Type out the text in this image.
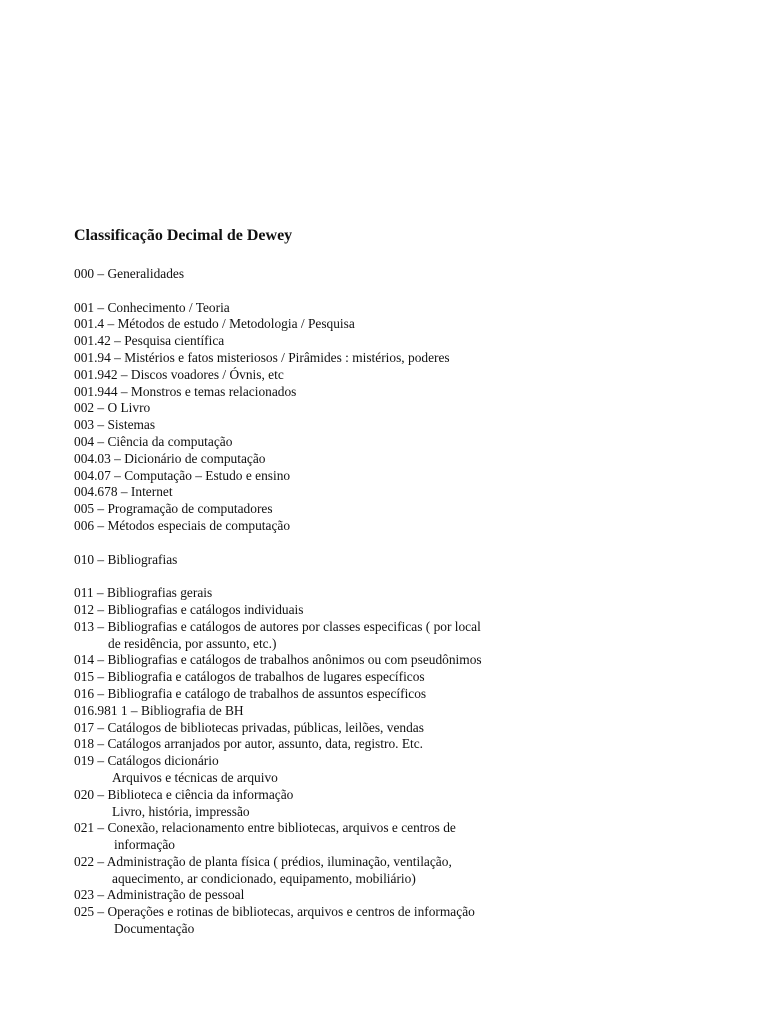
Classificação Decimal de Dewey
000 – Generalidades
001 – Conhecimento / Teoria
001.4 – Métodos de estudo / Metodologia / Pesquisa
001.42 – Pesquisa científica
001.94 – Mistérios e fatos misteriosos / Pirâmides : mistérios, poderes
001.942 – Discos voadores / Óvnis, etc
001.944 – Monstros e temas relacionados
002 – O Livro
003 – Sistemas
004 – Ciência da computação
004.03 – Dicionário de computação
004.07 – Computação – Estudo e ensino
004.678 – Internet
005 – Programação de computadores
006 – Métodos especiais de computação
010 – Bibliografias
011 – Bibliografias gerais
012 – Bibliografias e catálogos individuais
013 – Bibliografias e catálogos de autores por classes especificas ( por local
de residência, por assunto, etc.)
014 – Bibliografias e catálogos de trabalhos anônimos ou com pseudônimos
015 – Bibliografia e catálogos de trabalhos de lugares específicos
016 – Bibliografia e catálogo de trabalhos de assuntos específicos
016.981 1 – Bibliografia de BH
017 – Catálogos de bibliotecas privadas, públicas, leilões, vendas
018 – Catálogos arranjados por autor, assunto, data, registro. Etc.
019 – Catálogos dicionário
Arquivos e técnicas de arquivo
020 – Biblioteca e ciência da informação
Livro, história, impressão
021 – Conexão, relacionamento entre bibliotecas, arquivos e centros de
informação
022 – Administração de planta física ( prédios, iluminação, ventilação,
aquecimento, ar condicionado, equipamento, mobiliário)
023 – Administração de pessoal
025 – Operações e rotinas de bibliotecas, arquivos e centros de informação
Documentação
